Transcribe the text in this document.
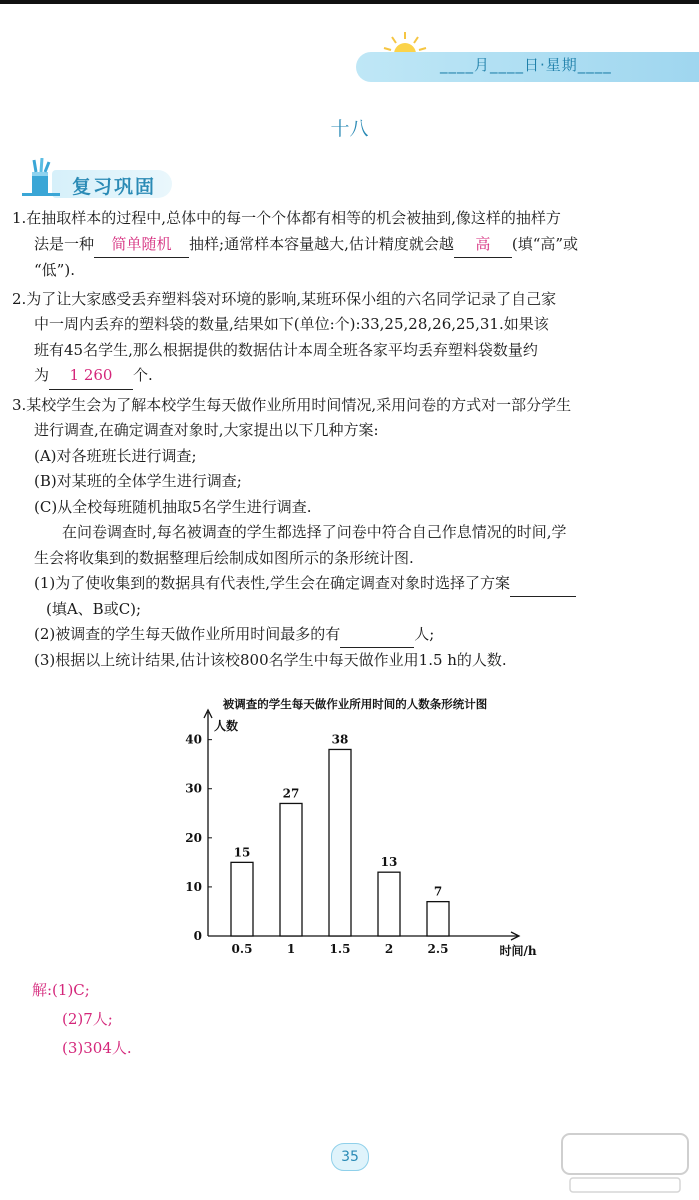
____月____日·星期____
十八
复习巩固

1.在抽取样本的过程中,总体中的每一个个体都有相等的机会被抽到,像这样的抽样方

法是一种 简单随机 抽样;通常样本容量越大,估计精度就会越 高 (填“高”或

“低”).

2.为了让大家感受丢弃塑料袋对环境的影响,某班环保小组的六名同学记录了自己家

中一周内丢弃的塑料袋的数量,结果如下(单位:个):33,25,28,26,25,31.如果该

班有45名学生,那么根据提供的数据估计本周全班各家平均丢弃塑料袋数量约

为 1 260 个.

3.某校学生会为了解本校学生每天做作业所用时间情况,采用问卷的方式对一部分学生

进行调查,在确定调查对象时,大家提出以下几种方案:

(A)对各班班长进行调查;

(B)对某班的全体学生进行调查;

(C)从全校每班随机抽取5名学生进行调查.

在问卷调查时,每名被调查的学生都选择了问卷中符合自己作息情况的时间,学

生会将收集到的数据整理后绘制成如图所示的条形统计图.

(1)为了使收集到的数据具有代表性,学生会在确定调查对象时选择了方案

(填A、B或C);

(2)被调查的学生每天做作业所用时间最多的有	人;

(3)根据以上统计结果,估计该校800名学生中每天做作业用1.5 h的人数.

被调查的学生每天做作业所用时间的人数条形统计图
人数
时间/h
0
10
20
30
40
15
0.5
27
1
38
1.5
13
2
7
2.5
解:(1)C;
(2)7人;
(3)304人.
35
